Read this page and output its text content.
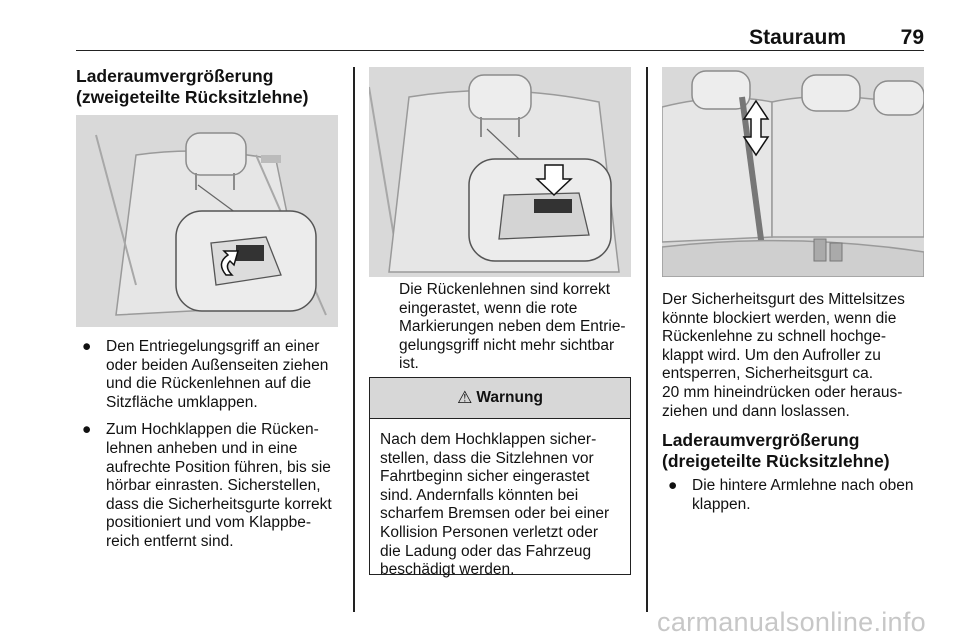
Stauraum	79
Laderaumvergrößerung
(zweigeteilte Rücksitzlehne)
● Den Entriegelungsgriff an einer
oder beiden Außenseiten ziehen
und die Rückenlehnen auf die
Sitzfläche umklappen.
● Zum Hochklappen die Rücken-
lehnen anheben und in eine
aufrechte Position führen, bis sie
hörbar einrasten. Sicherstellen,
dass die Sicherheitsgurte korrekt
positioniert und vom Klappbe-
reich entfernt sind.
Die Rückenlehnen sind korrekt
eingerastet, wenn die rote
Markierungen neben dem Entrie-
gelungsgriff nicht mehr sichtbar
ist.
⚠ Warnung
Nach dem Hochklappen sicher-
stellen, dass die Sitzlehnen vor
Fahrtbeginn sicher eingerastet
sind. Andernfalls könnten bei
scharfem Bremsen oder bei einer
Kollision Personen verletzt oder
die Ladung oder das Fahrzeug
beschädigt werden.
Der Sicherheitsgurt des Mittelsitzes
könnte blockiert werden, wenn die
Rückenlehne zu schnell hochge-
klappt wird. Um den Aufroller zu
entsperren, Sicherheitsgurt ca.
20 mm hineindrücken oder heraus-
ziehen und dann loslassen.
Laderaumvergrößerung
(dreigeteilte Rücksitzlehne)
● Die hintere Armlehne nach oben
klappen.
carmanualsonline.info
